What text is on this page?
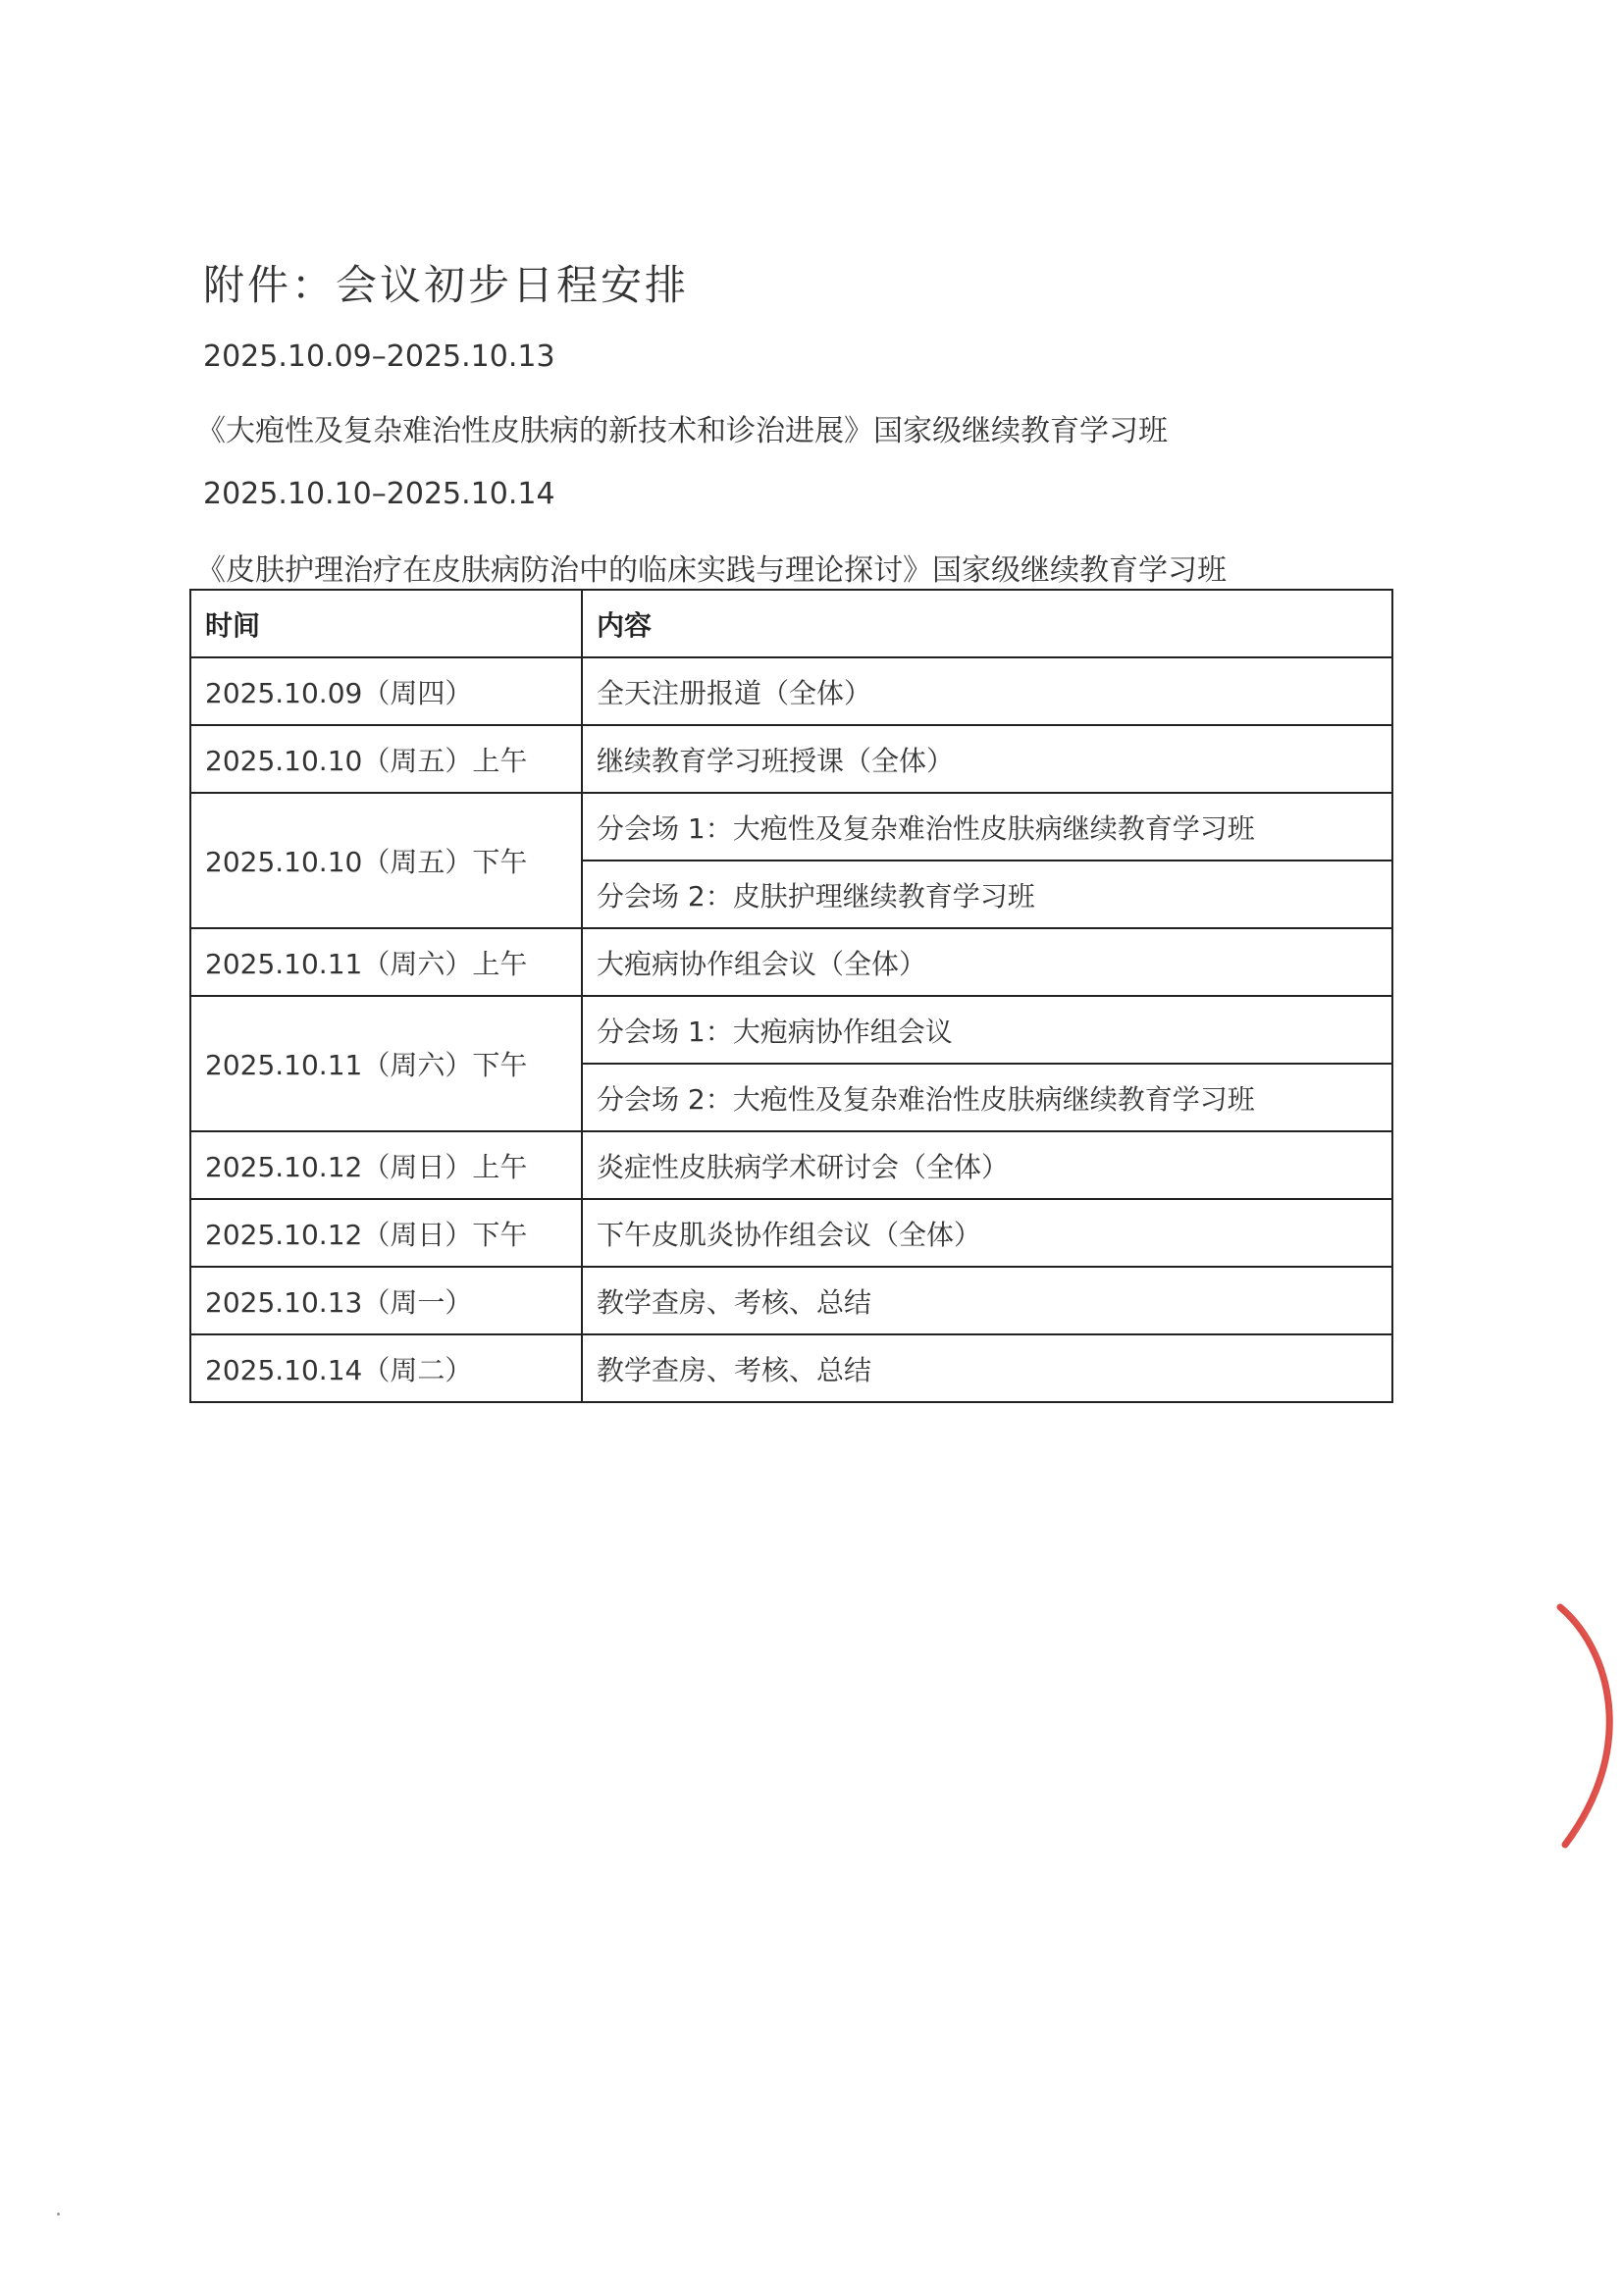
附件：会议初步日程安排
2025.10.09–2025.10.13
《大疱性及复杂难治性皮肤病的新技术和诊治进展》国家级继续教育学习班
2025.10.10–2025.10.14
《皮肤护理治疗在皮肤病防治中的临床实践与理论探讨》国家级继续教育学习班
时间	内容
2025.10.09（周四）	全天注册报道（全体）
2025.10.10（周五）上午	继续教育学习班授课（全体）
2025.10.10（周五）下午	分会场 1：大疱性及复杂难治性皮肤病继续教育学习班
	分会场 2：皮肤护理继续教育学习班
2025.10.11（周六）上午	大疱病协作组会议（全体）
2025.10.11（周六）下午	分会场 1：大疱病协作组会议
	分会场 2：大疱性及复杂难治性皮肤病继续教育学习班
2025.10.12（周日）上午	炎症性皮肤病学术研讨会（全体）
2025.10.12（周日）下午	下午皮肌炎协作组会议（全体）
2025.10.13（周一）	教学查房、考核、总结
2025.10.14（周二）	教学查房、考核、总结
